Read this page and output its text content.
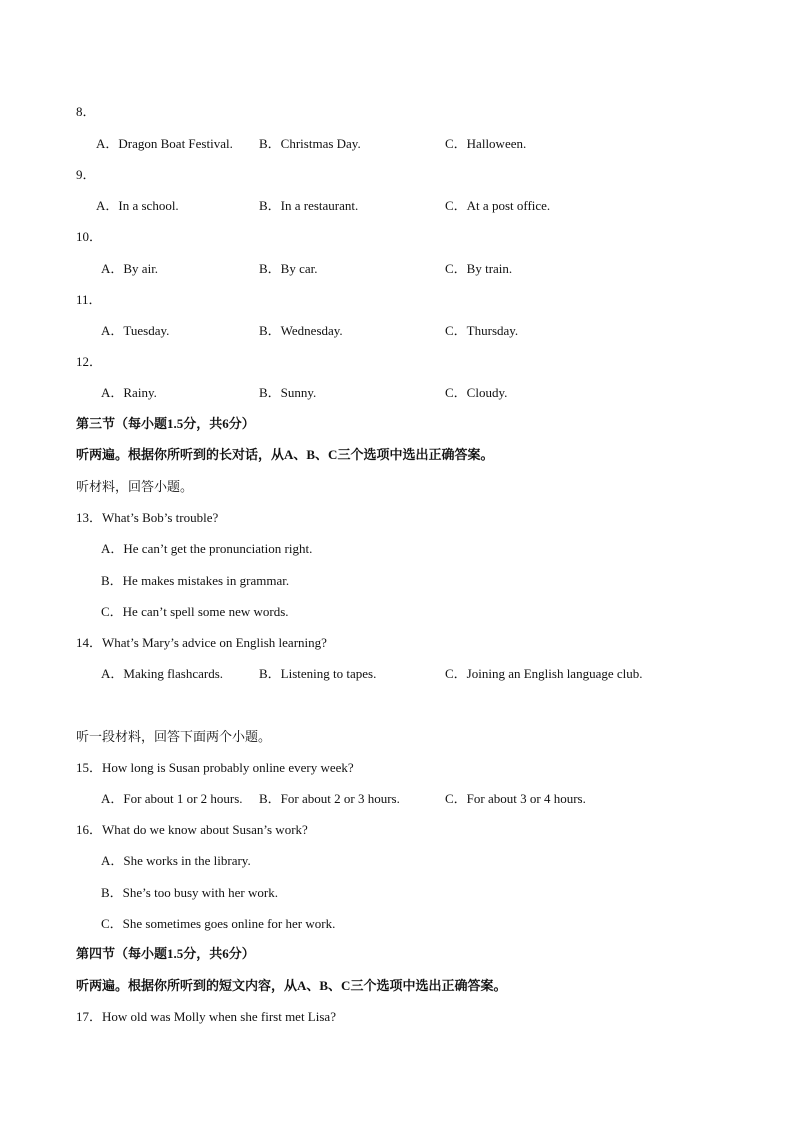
8．
A．Dragon Boat Festival. B．Christmas Day.	C．Halloween.
9．
A．In a school.	B．In a restaurant.	C．At a post office.
10．
A．By air.	B．By car.	C．By train.
11．
A．Tuesday.	B．Wednesday.	C．Thursday.
12．
A．Rainy.	B．Sunny.	C．Cloudy.
第三节（每小题1.5分，共6分）
听两遍。根据你所听到的长对话，从A、B、C三个选项中选出正确答案。
听材料，回答小题。
13．What’s Bob’s trouble?
A．He can’t get the pronunciation right.
B．He makes mistakes in grammar.
C．He can’t spell some new words.
14．What’s Mary’s advice on English learning?
A．Making flashcards.	B．Listening to tapes.	C．Joining an English language club.
听一段材料，回答下面两个小题。
15．How long is Susan probably online every week?
A．For about 1 or 2 hours. B．For about 2 or 3 hours.	C．For about 3 or 4 hours.
16．What do we know about Susan’s work?
A．She works in the library.
B．She’s too busy with her work.
C．She sometimes goes online for her work.
第四节（每小题1.5分，共6分）
听两遍。根据你所听到的短文内容，从A、B、C三个选项中选出正确答案。
17．How old was Molly when she first met Lisa?
